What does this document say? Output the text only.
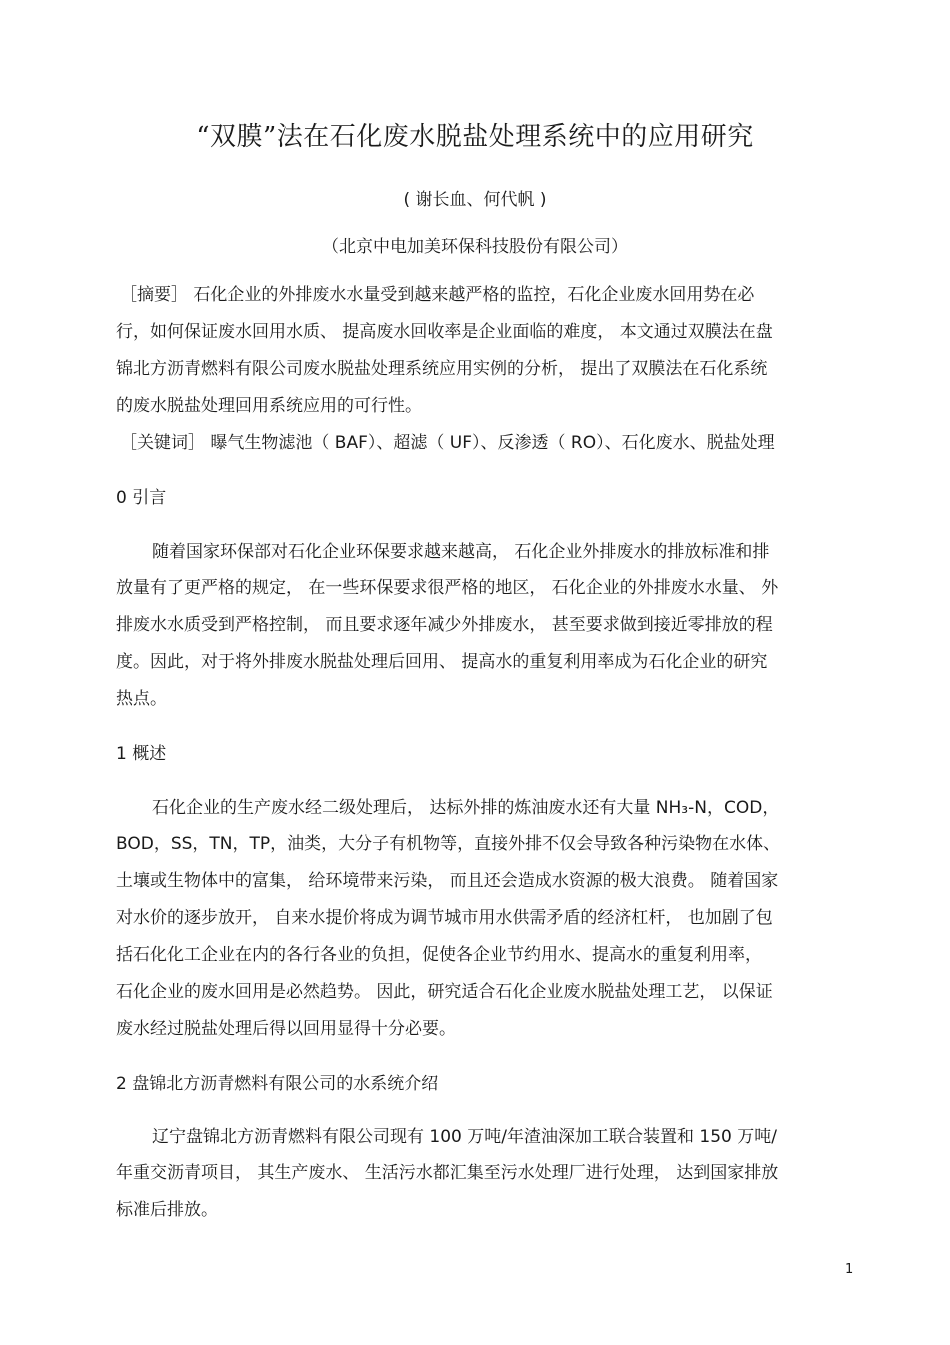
“双膜”法在石化废水脱盐处理系统中的应用研究
( 谢长血、何代帆 )
（北京中电加美环保科技股份有限公司）
［摘要］ 石化企业的外排废水水量受到越来越严格的监控，石化企业废水回用势在必
行，如何保证废水回用水质、 提高废水回收率是企业面临的难度， 本文通过双膜法在盘
锦北方沥青燃料有限公司废水脱盐处理系统应用实例的分析， 提出了双膜法在石化系统
的废水脱盐处理回用系统应用的可行性。
［关键词］ 曝气生物滤池（ BAF）、超滤（ UF）、反渗透（ RO）、石化废水、脱盐处理
0 引言
随着国家环保部对石化企业环保要求越来越高， 石化企业外排废水的排放标准和排
放量有了更严格的规定， 在一些环保要求很严格的地区， 石化企业的外排废水水量、 外
排废水水质受到严格控制， 而且要求逐年减少外排废水， 甚至要求做到接近零排放的程
度。因此，对于将外排废水脱盐处理后回用、 提高水的重复利用率成为石化企业的研究
热点。
1 概述
石化企业的生产废水经二级处理后， 达标外排的炼油废水还有大量 NH₃-N，COD，
BOD，SS，TN，TP，油类，大分子有机物等，直接外排不仅会导致各种污染物在水体、
土壤或生物体中的富集， 给环境带来污染， 而且还会造成水资源的极大浪费。 随着国家
对水价的逐步放开， 自来水提价将成为调节城市用水供需矛盾的经济杠杆， 也加剧了包
括石化化工企业在内的各行各业的负担，促使各企业节约用水、提高水的重复利用率，
石化企业的废水回用是必然趋势。 因此，研究适合石化企业废水脱盐处理工艺， 以保证
废水经过脱盐处理后得以回用显得十分必要。
2 盘锦北方沥青燃料有限公司的水系统介绍
辽宁盘锦北方沥青燃料有限公司现有 100 万吨/年渣油深加工联合装置和 150 万吨/
年重交沥青项目， 其生产废水、 生活污水都汇集至污水处理厂进行处理， 达到国家排放
标准后排放。
1
